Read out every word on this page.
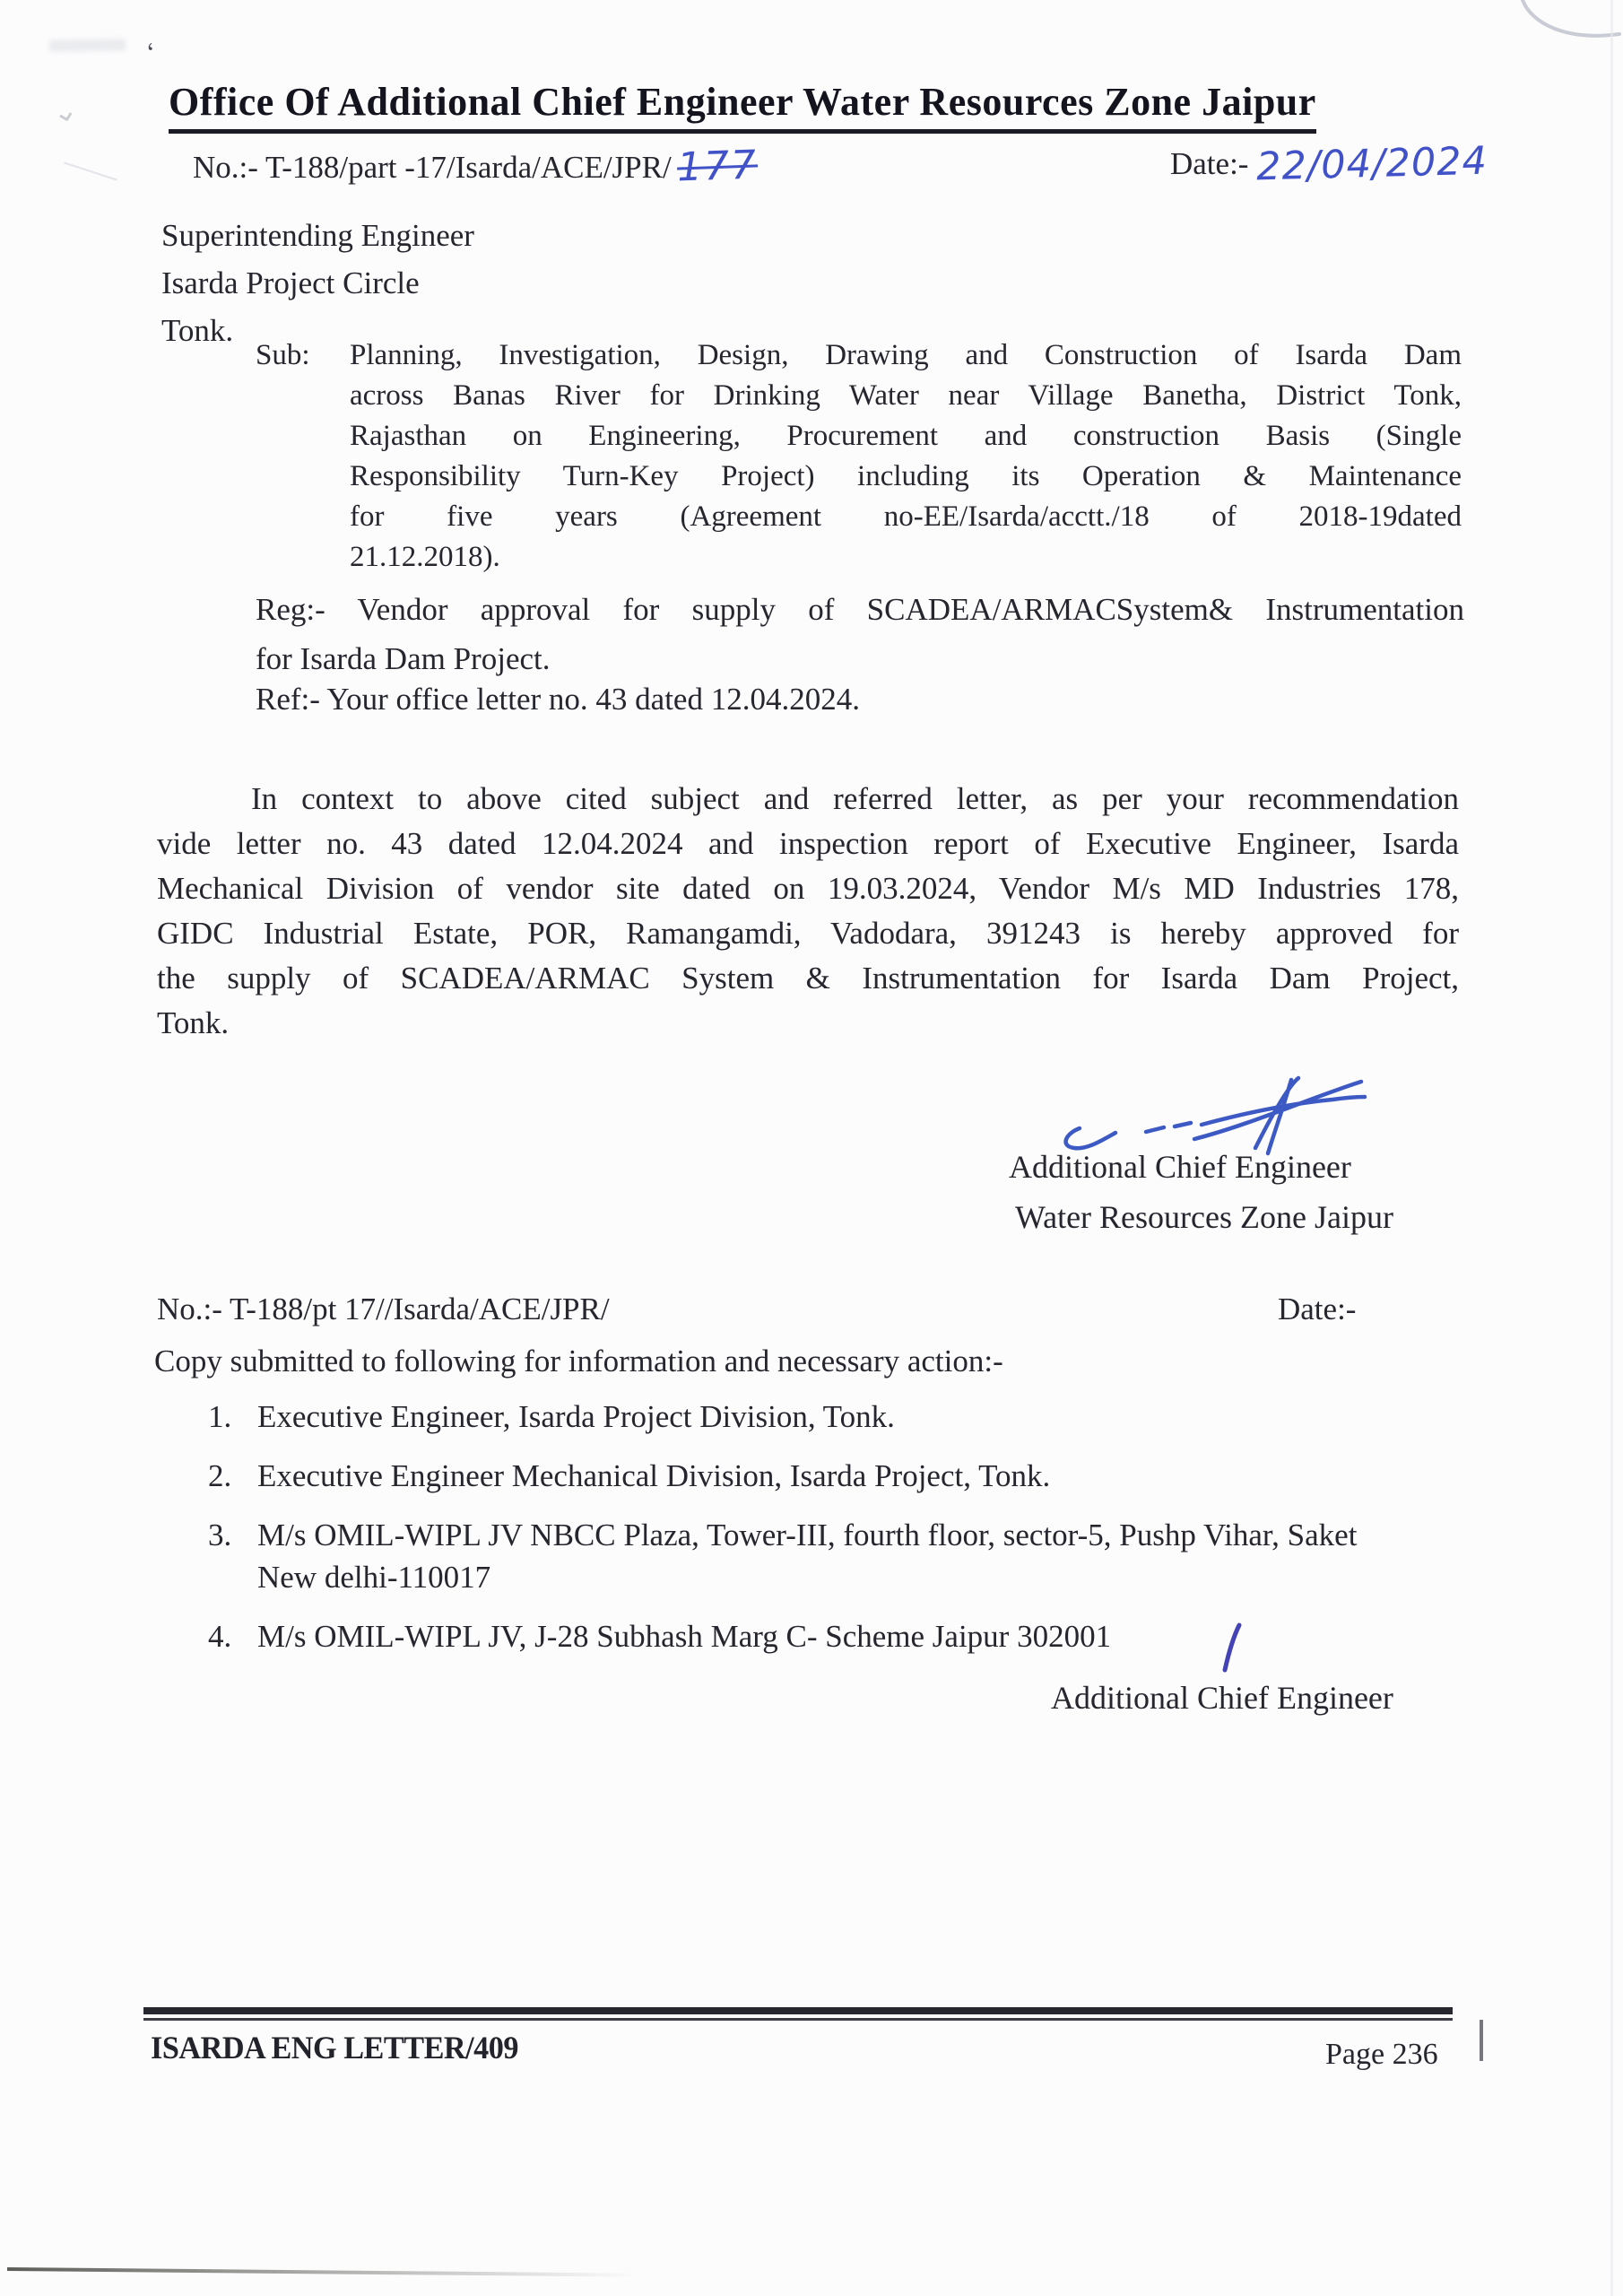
‘
⌄ Office Of Additional Chief Engineer Water Resources Zone Jaipur
No.:- T-188/part -17/Isarda/ACE/JPR/ 177	Date:- 22/04/2024
Superintending Engineer
Isarda Project Circle
Tonk.
Sub:	Planning, Investigation, Design, Drawing and Construction of Isarda Dam
across Banas River for Drinking Water near Village Banetha, District Tonk,
Rajasthan on Engineering, Procurement and construction Basis (Single
Responsibility Turn-Key Project) including its Operation & Maintenance
for five years (Agreement no-EE/Isarda/acctt./18 of 2018-19dated
21.12.2018).
Reg:- Vendor approval for supply of SCADEA/ARMACSystem& Instrumentation
for Isarda Dam Project.
Ref:- Your office letter no. 43 dated 12.04.2024.
In context to above cited subject and referred letter, as per your recommendation
vide letter no. 43 dated 12.04.2024 and inspection report of Executive Engineer, Isarda
Mechanical Division of vendor site dated on 19.03.2024, Vendor M/s MD Industries 178,
GIDC Industrial Estate, POR, Ramangamdi, Vadodara, 391243 is hereby approved for
the supply of SCADEA/ARMAC System & Instrumentation for Isarda Dam Project,
Tonk.
Additional Chief Engineer
Water Resources Zone Jaipur
No.:- T-188/pt 17//Isarda/ACE/JPR/	Date:-
Copy submitted to following for information and necessary action:-
1. Executive Engineer, Isarda Project Division, Tonk.
2. Executive Engineer Mechanical Division, Isarda Project, Tonk.
3. M/s OMIL-WIPL JV NBCC Plaza, Tower-III, fourth floor, sector-5, Pushp Vihar, Saket New delhi-110017
4. M/s OMIL-WIPL JV, J-28 Subhash Marg C- Scheme Jaipur 302001
Additional Chief Engineer
ISARDA ENG LETTER/409	Page 236
